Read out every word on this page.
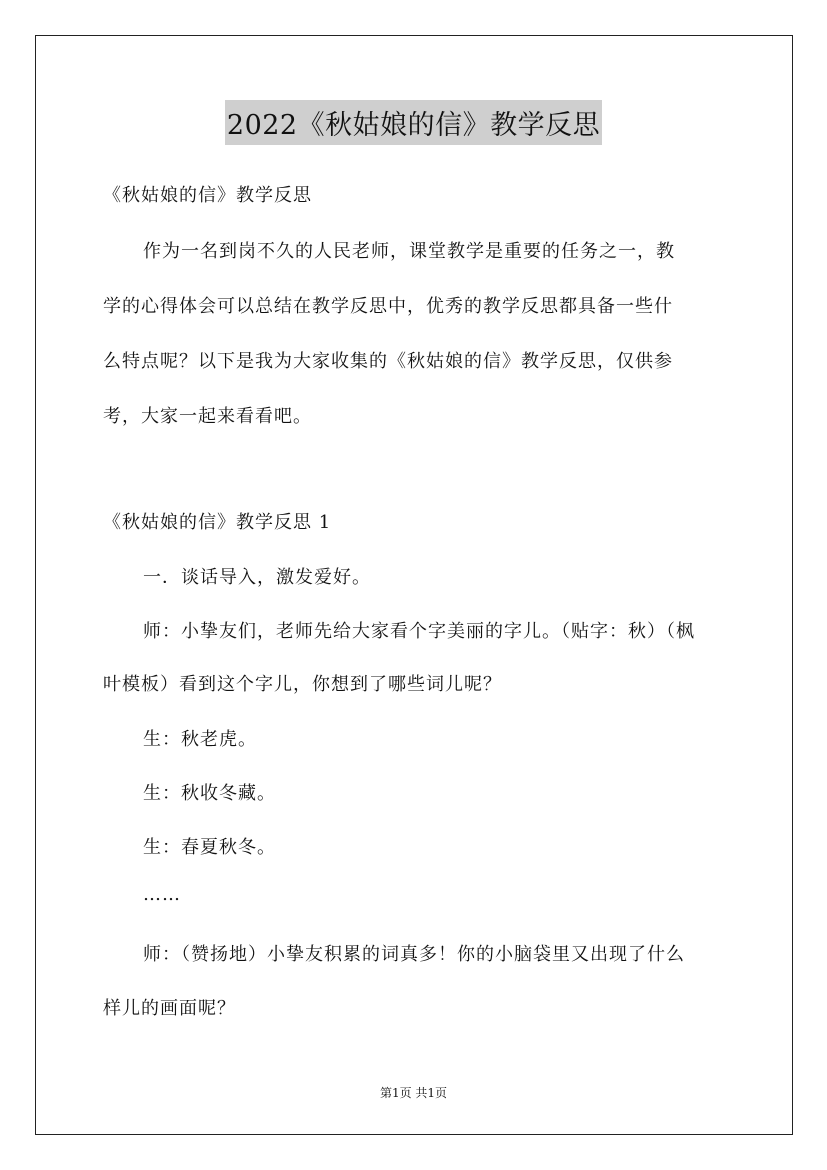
2022《秋姑娘的信》教学反思
《秋姑娘的信》教学反思
作为一名到岗不久的人民老师，课堂教学是重要的任务之一，教
学的心得体会可以总结在教学反思中，优秀的教学反思都具备一些什
么特点呢？以下是我为大家收集的《秋姑娘的信》教学反思，仅供参
考，大家一起来看看吧。
《秋姑娘的信》教学反思 1
一．谈话导入，激发爱好。
师：小挚友们，老师先给大家看个字美丽的字儿。（贴字：秋）（枫
叶模板）看到这个字儿，你想到了哪些词儿呢？
生：秋老虎。
生：秋收冬藏。
生：春夏秋冬。
……
师：（赞扬地）小挚友积累的词真多！你的小脑袋里又出现了什么
样儿的画面呢？
第1页 共1页
